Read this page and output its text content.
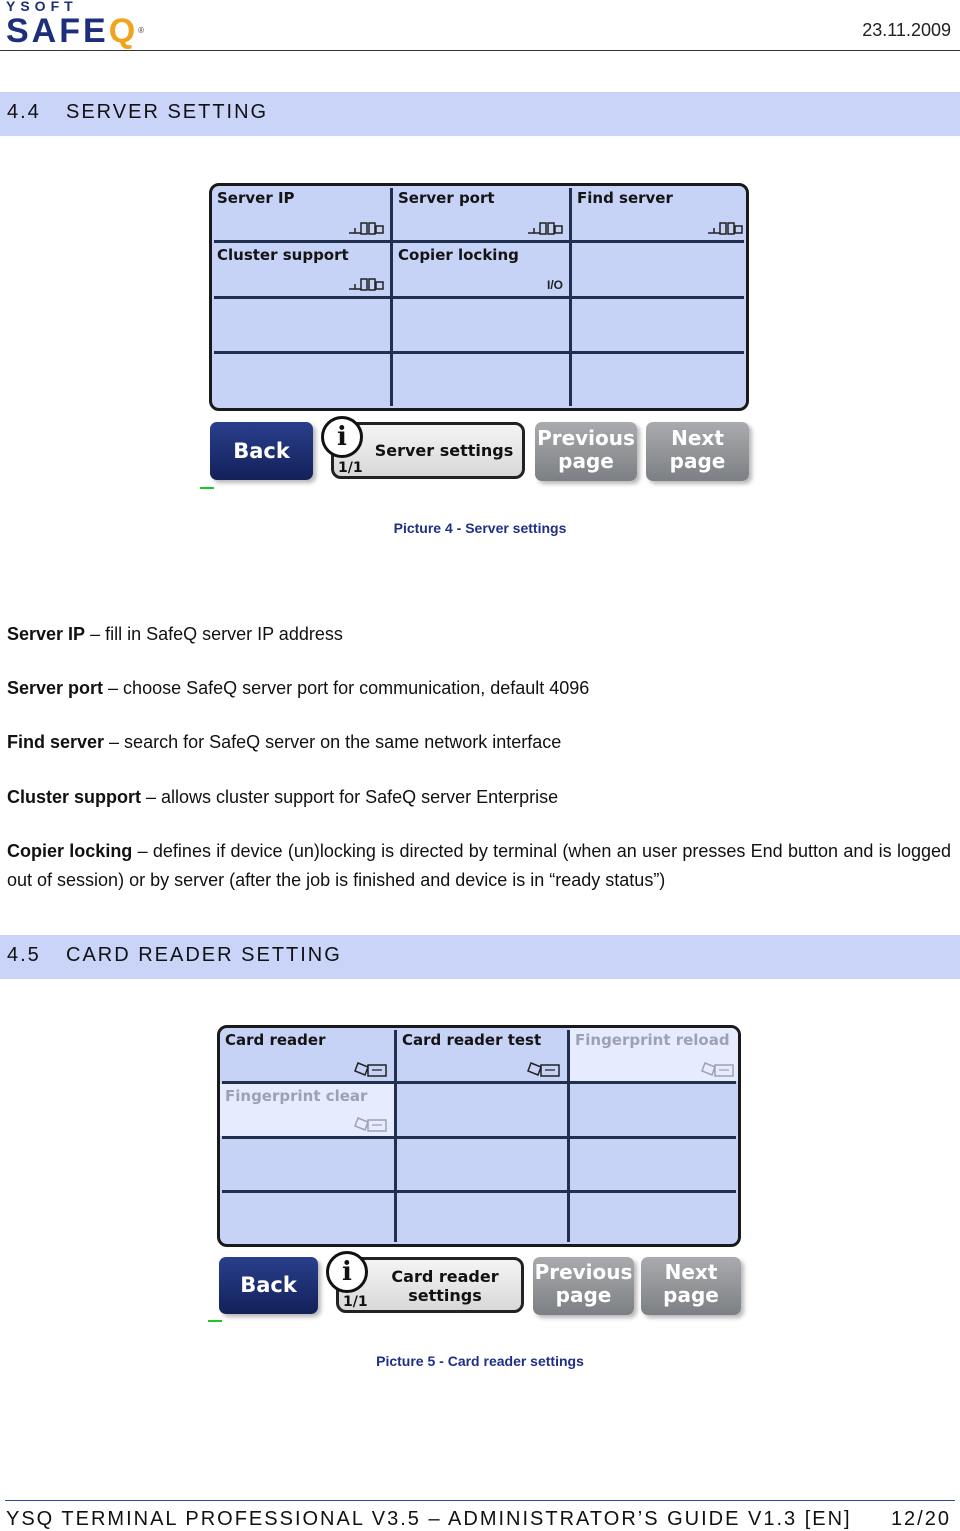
YSOFT
SAFEQ®	23.11.2009
4.4 SERVER SETTING
Server IP	Server port	Find server
Cluster support	Copier locking
I/O
Back	Server settings
1/1
i	Previous
page
Next
page
Picture 4 - Server settings
Server IP – fill in SafeQ server IP address
Server port – choose SafeQ server port for communication, default 4096
Find server – search for SafeQ server on the same network interface
Cluster support – allows cluster support for SafeQ server Enterprise
Copier locking – defines if device (un)locking is directed by terminal (when an user presses End button and is logged out of session) or by server (after the job is finished and device is in “ready status”)
4.5 CARD READER SETTING
Card reader	Card reader test Fingerprint reload
Fingerprint clear
Back	Card reader
settings
1/1
i	Previous
page
Next
page
Picture 5 - Card reader settings
YSQ TERMINAL PROFESSIONAL V3.5 – ADMINISTRATOR’S GUIDE V1.3 [EN] 12/20
